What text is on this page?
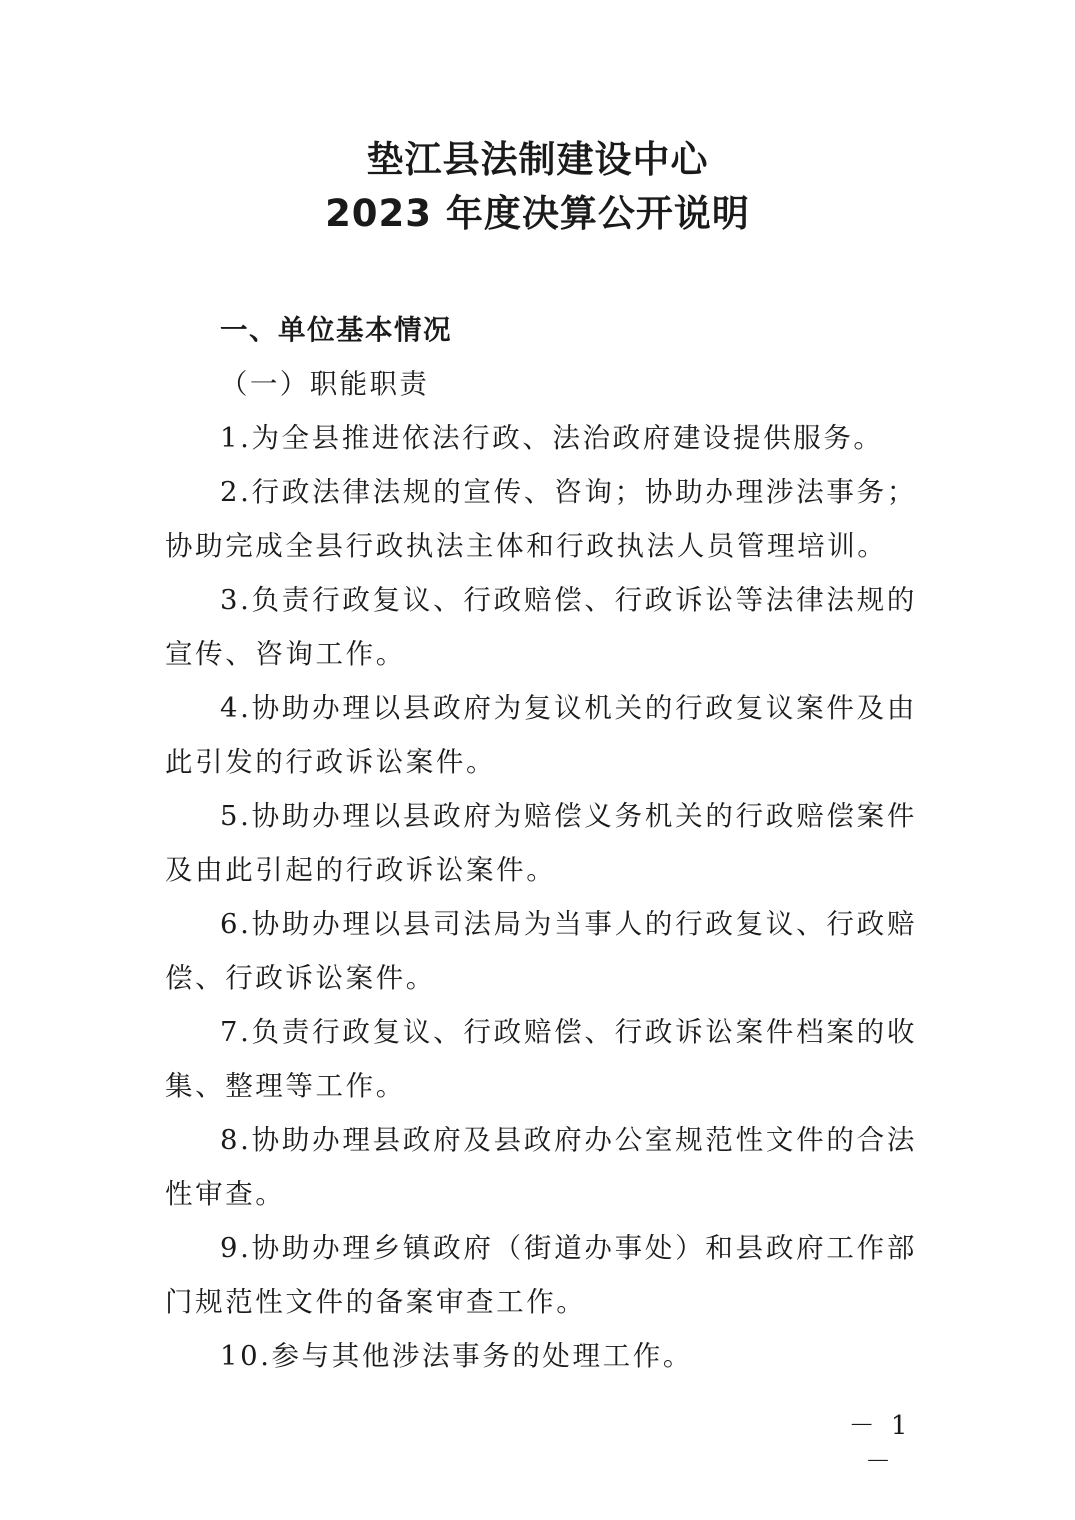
垫江县法制建设中心
2023 年度决算公开说明

一、单位基本情况

（一）职能职责

1.为全县推进依法行政、法治政府建设提供服务。

2.行政法律法规的宣传、咨询；协助办理涉法事务；协助完成全县行政执法主体和行政执法人员管理培训。

3.负责行政复议、行政赔偿、行政诉讼等法律法规的宣传、咨询工作。

4.协助办理以县政府为复议机关的行政复议案件及由此引发的行政诉讼案件。

5.协助办理以县政府为赔偿义务机关的行政赔偿案件及由此引起的行政诉讼案件。

6.协助办理以县司法局为当事人的行政复议、行政赔偿、行政诉讼案件。

7.负责行政复议、行政赔偿、行政诉讼案件档案的收集、整理等工作。

8.协助办理县政府及县政府办公室规范性文件的合法性审查。

9.协助办理乡镇政府（街道办事处）和县政府工作部门规范性文件的备案审查工作。

10.参与其他涉法事务的处理工作。

－ 1 －
